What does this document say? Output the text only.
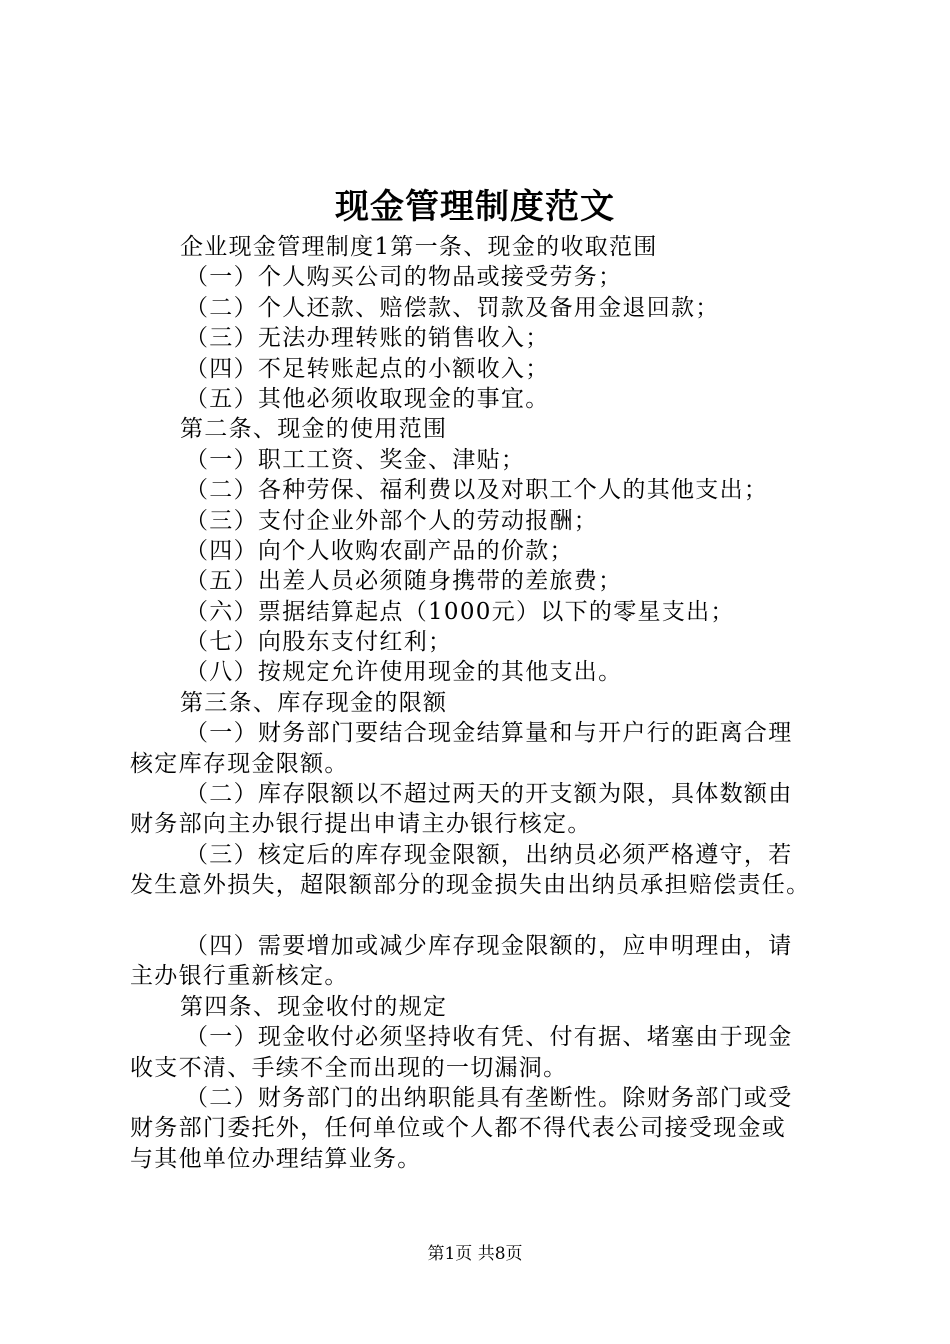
现金管理制度范文

企业现金管理制度1第一条、现金的收取范围

（一）个人购买公司的物品或接受劳务；

（二）个人还款、赔偿款、罚款及备用金退回款；

（三）无法办理转账的销售收入；

（四）不足转账起点的小额收入；

（五）其他必须收取现金的事宜。

第二条、现金的使用范围

（一）职工工资、奖金、津贴；

（二）各种劳保、福利费以及对职工个人的其他支出；

（三）支付企业外部个人的劳动报酬；

（四）向个人收购农副产品的价款；

（五）出差人员必须随身携带的差旅费；

（六）票据结算起点（1000元）以下的零星支出；

（七）向股东支付红利；

（八）按规定允许使用现金的其他支出。

第三条、库存现金的限额

（一）财务部门要结合现金结算量和与开户行的距离合理

核定库存现金限额。

（二）库存限额以不超过两天的开支额为限，具体数额由

财务部向主办银行提出申请主办银行核定。

（三）核定后的库存现金限额，出纳员必须严格遵守，若

发生意外损失，超限额部分的现金损失由出纳员承担赔偿责任。

（四）需要增加或减少库存现金限额的，应申明理由，请

主办银行重新核定。

第四条、现金收付的规定

（一）现金收付必须坚持收有凭、付有据、堵塞由于现金

收支不清、手续不全而出现的一切漏洞。

（二）财务部门的出纳职能具有垄断性。除财务部门或受

财务部门委托外，任何单位或个人都不得代表公司接受现金或

与其他单位办理结算业务。

第1页 共8页
